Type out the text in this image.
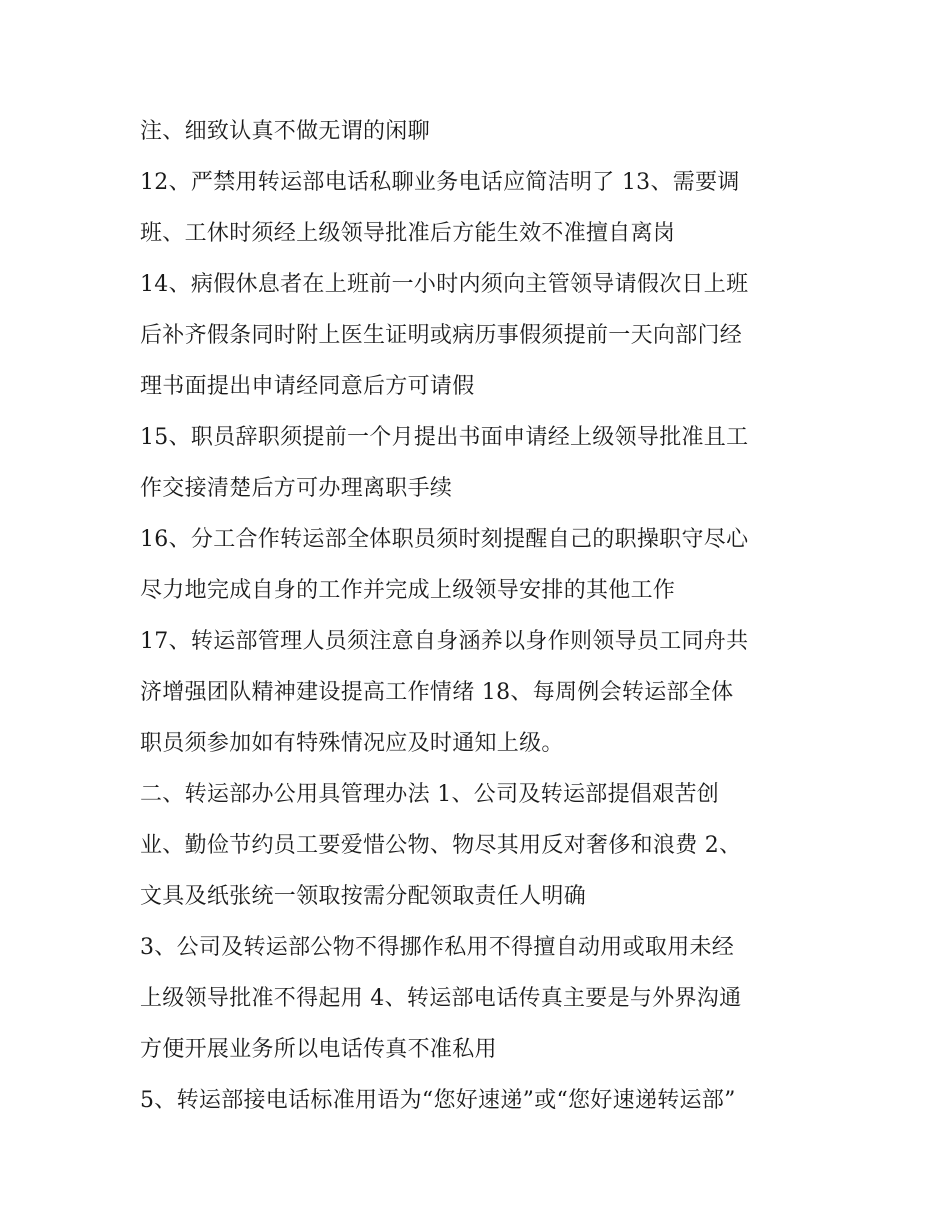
注、细致认真不做无谓的闲聊
12、严禁用转运部电话私聊业务电话应简洁明了 13、需要调
班、工休时须经上级领导批准后方能生效不准擅自离岗
14、病假休息者在上班前一小时内须向主管领导请假次日上班
后补齐假条同时附上医生证明或病历事假须提前一天向部门经
理书面提出申请经同意后方可请假
15、职员辞职须提前一个月提出书面申请经上级领导批准且工
作交接清楚后方可办理离职手续
16、分工合作转运部全体职员须时刻提醒自己的职操职守尽心
尽力地完成自身的工作并完成上级领导安排的其他工作
17、转运部管理人员须注意自身涵养以身作则领导员工同舟共
济增强团队精神建设提高工作情绪 18、每周例会转运部全体
职员须参加如有特殊情况应及时通知上级。
二、转运部办公用具管理办法 1、公司及转运部提倡艰苦创
业、勤俭节约员工要爱惜公物、物尽其用反对奢侈和浪费 2、
文具及纸张统一领取按需分配领取责任人明确
3、公司及转运部公物不得挪作私用不得擅自动用或取用未经
上级领导批准不得起用 4、转运部电话传真主要是与外界沟通
方便开展业务所以电话传真不准私用
5、转运部接电话标准用语为“您好速递”或“您好速递转运部”
